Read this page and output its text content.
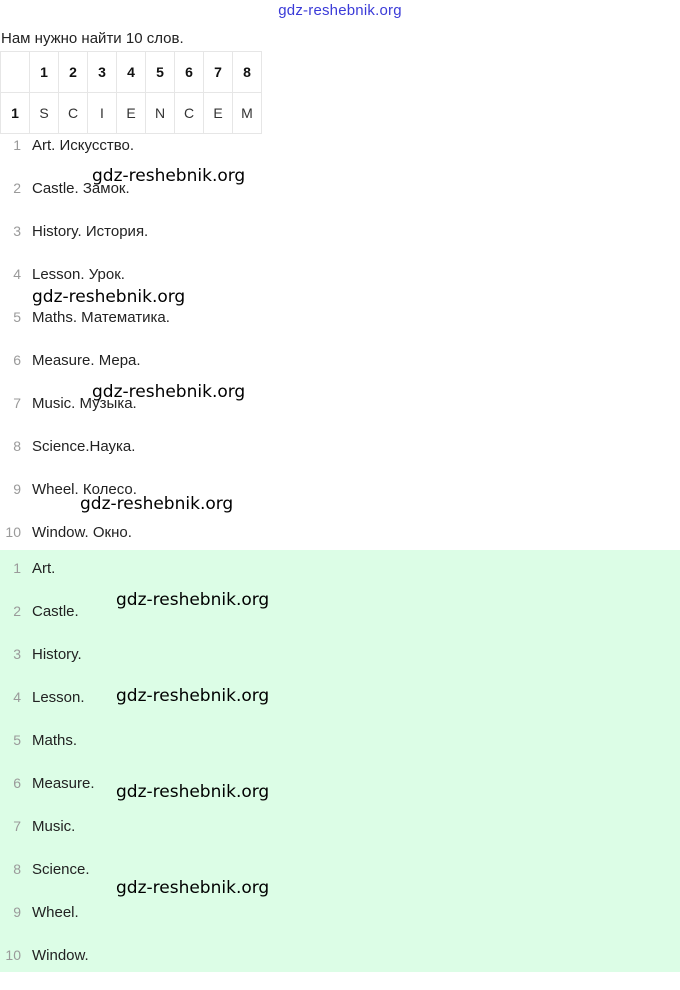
gdz-reshebnik.org
Нам нужно найти 10 слов.
	1	2	3	4	5	6	7	8
1	S	C	I	E	N	C	E	M
1 Art. Искусство.
2 Castle. Замок.
3 History. История.
4 Lesson. Урок.
5 Maths. Математика.
6 Measure. Мера.
7 Music. Музыка.
8 Science.Наука.
9 Wheel. Колесо.
10 Window. Окно.
1 Art.
2 Castle.
3 History.
4 Lesson.
5 Maths.
6 Measure.
7 Music.
8 Science.
9 Wheel.
10 Window.
gdz-reshebnik.org
gdz-reshebnik.org
gdz-reshebnik.org
gdz-reshebnik.org
gdz-reshebnik.org
gdz-reshebnik.org
gdz-reshebnik.org
gdz-reshebnik.org
